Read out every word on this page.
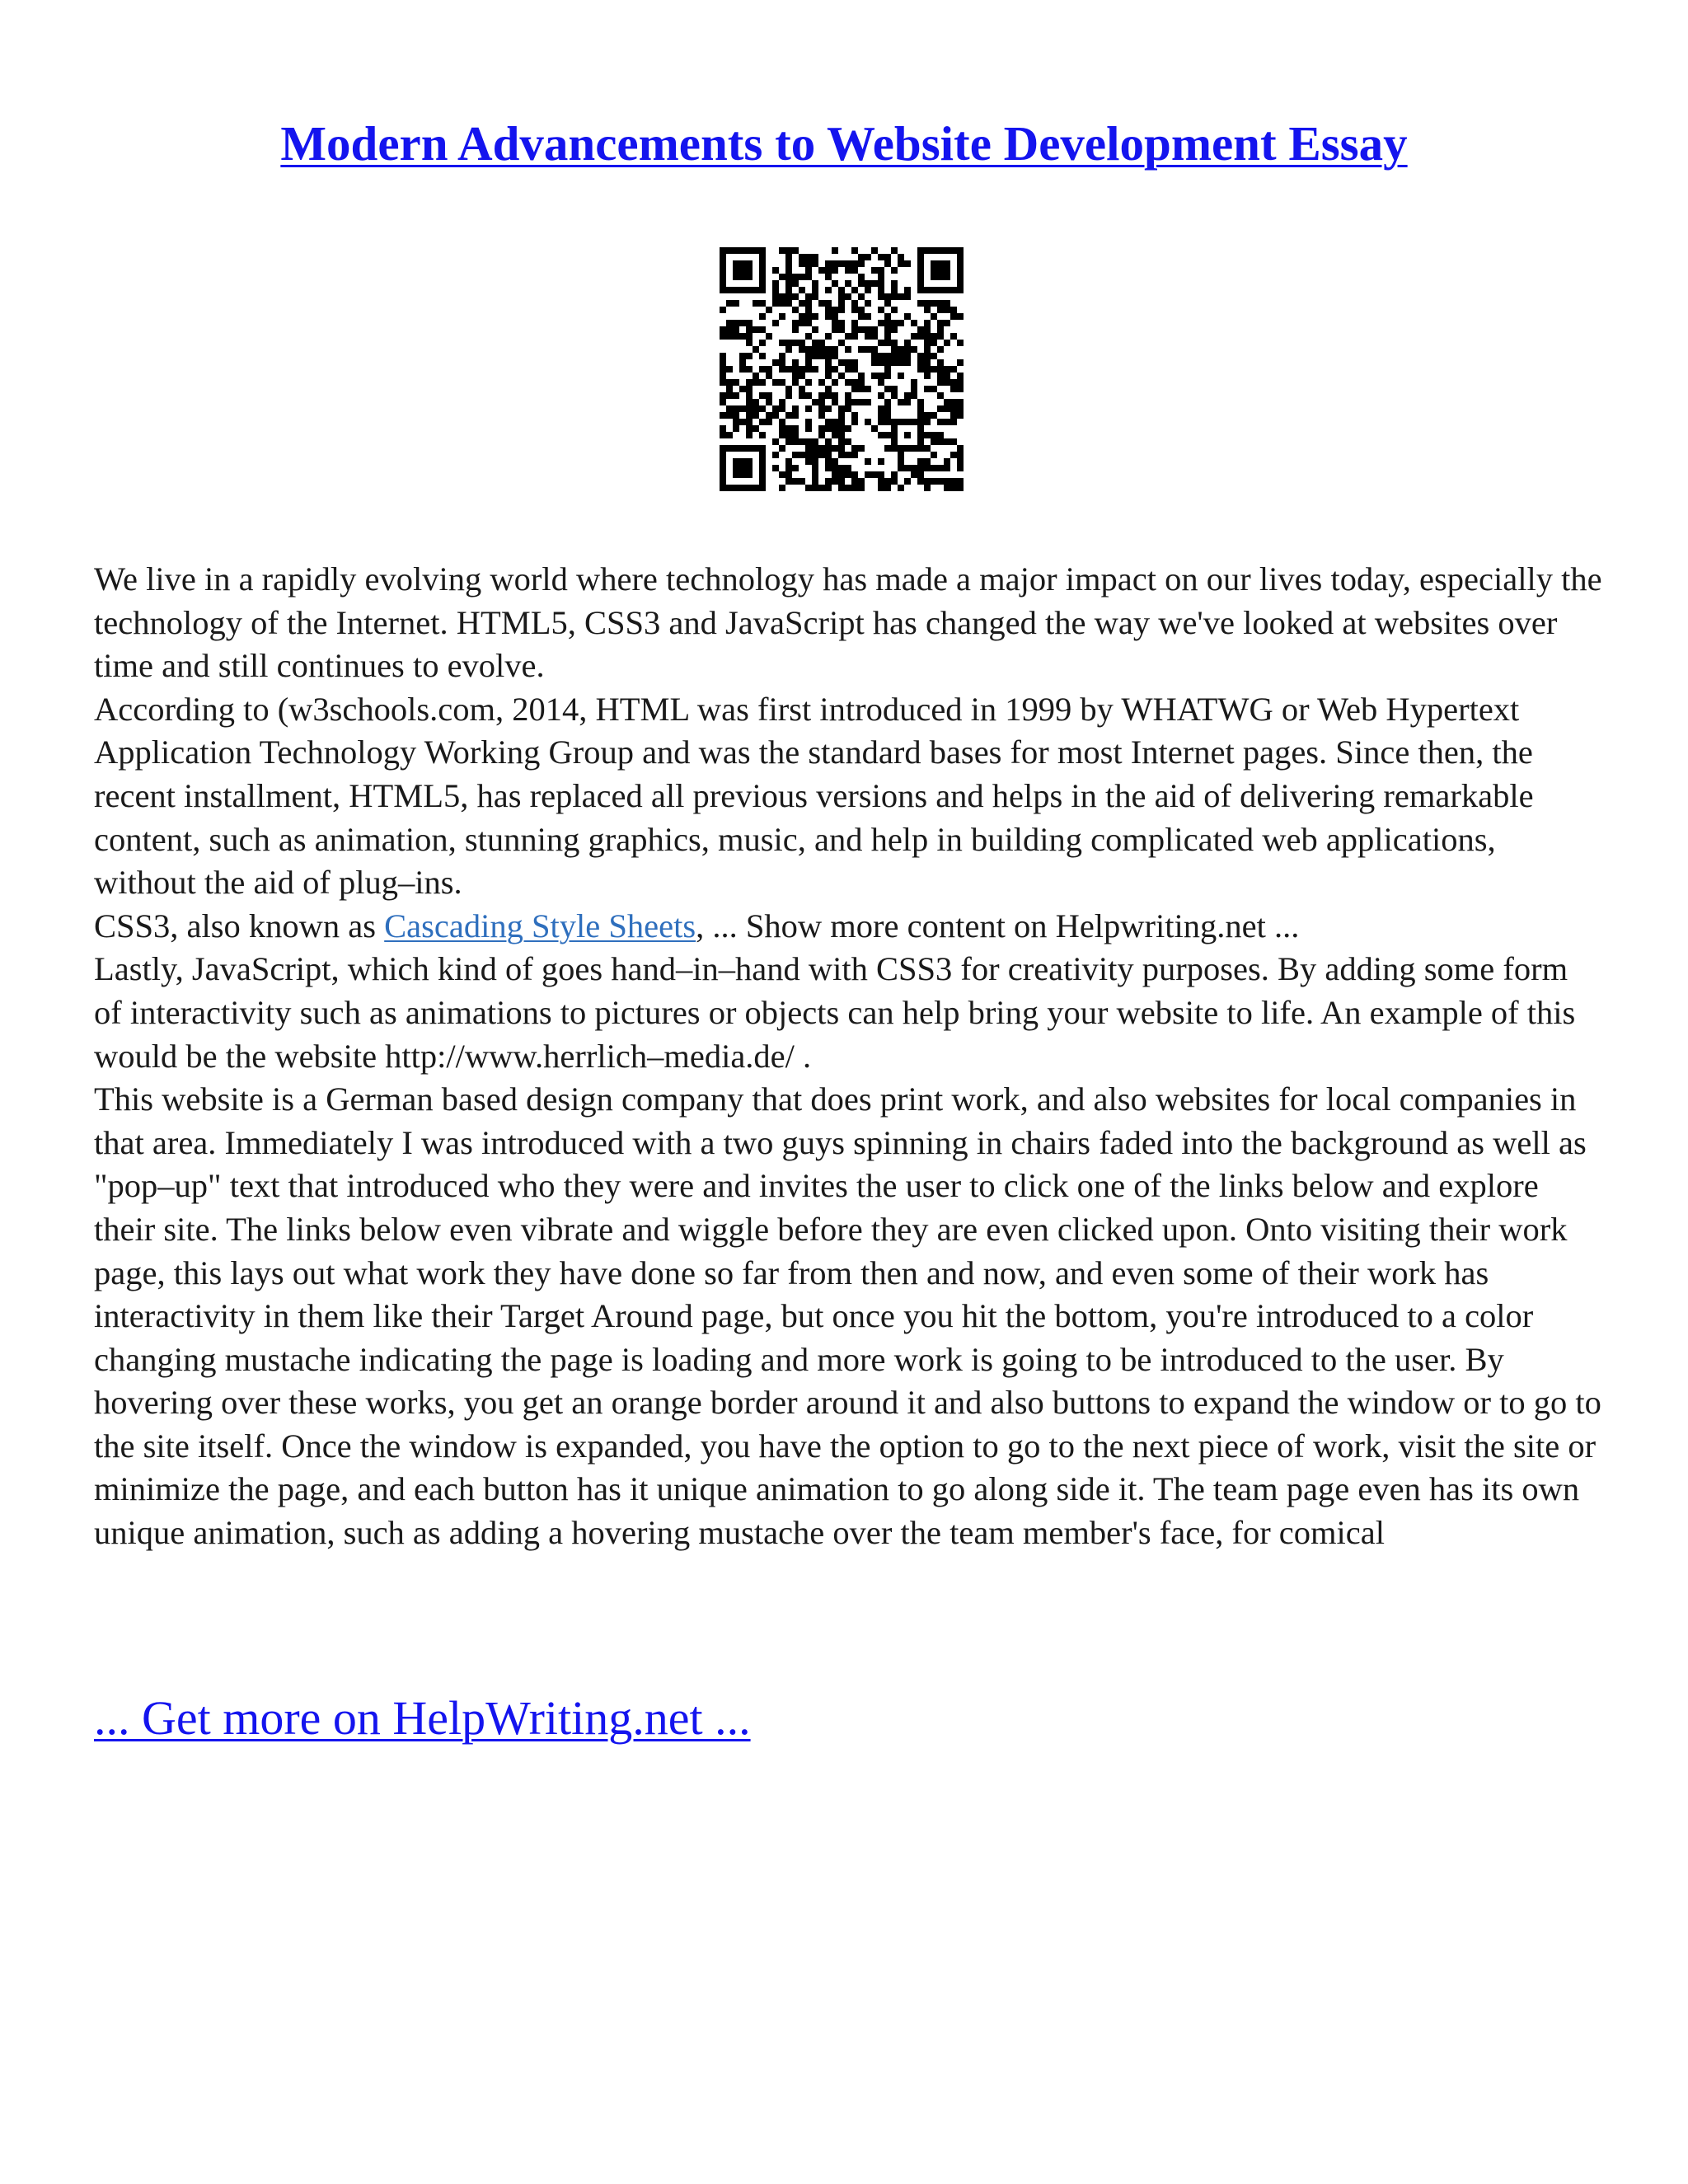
Modern Advancements to Website Development Essay

We live in a rapidly evolving world where technology has made a major impact on our lives today, especially the technology of the Internet. HTML5, CSS3 and JavaScript has changed the way we've looked at websites over time and still continues to evolve.

According to (w3schools.com, 2014, HTML was first introduced in 1999 by WHATWG or Web Hypertext Application Technology Working Group and was the standard bases for most Internet pages. Since then, the recent installment, HTML5, has replaced all previous versions and helps in the aid of delivering remarkable content, such as animation, stunning graphics, music, and help in building complicated web applications, without the aid of plug–ins.

CSS3, also known as Cascading Style Sheets, ... Show more content on Helpwriting.net ...

Lastly, JavaScript, which kind of goes hand–in–hand with CSS3 for creativity purposes. By adding some form of interactivity such as animations to pictures or objects can help bring your website to life. An example of this would be the website http://www.herrlich–media.de/ .

This website is a German based design company that does print work, and also websites for local companies in that area. Immediately I was introduced with a two guys spinning in chairs faded into the background as well as "pop–up" text that introduced who they were and invites the user to click one of the links below and explore their site. The links below even vibrate and wiggle before they are even clicked upon. Onto visiting their work page, this lays out what work they have done so far from then and now, and even some of their work has interactivity in them like their Target Around page, but once you hit the bottom, you're introduced to a color changing mustache indicating the page is loading and more work is going to be introduced to the user. By hovering over these works, you get an orange border around it and also buttons to expand the window or to go to the site itself. Once the window is expanded, you have the option to go to the next piece of work, visit the site or minimize the page, and each button has it unique animation to go along side it. The team page even has its own unique animation, such as adding a hovering mustache over the team member's face, for comical

... Get more on HelpWriting.net ...
